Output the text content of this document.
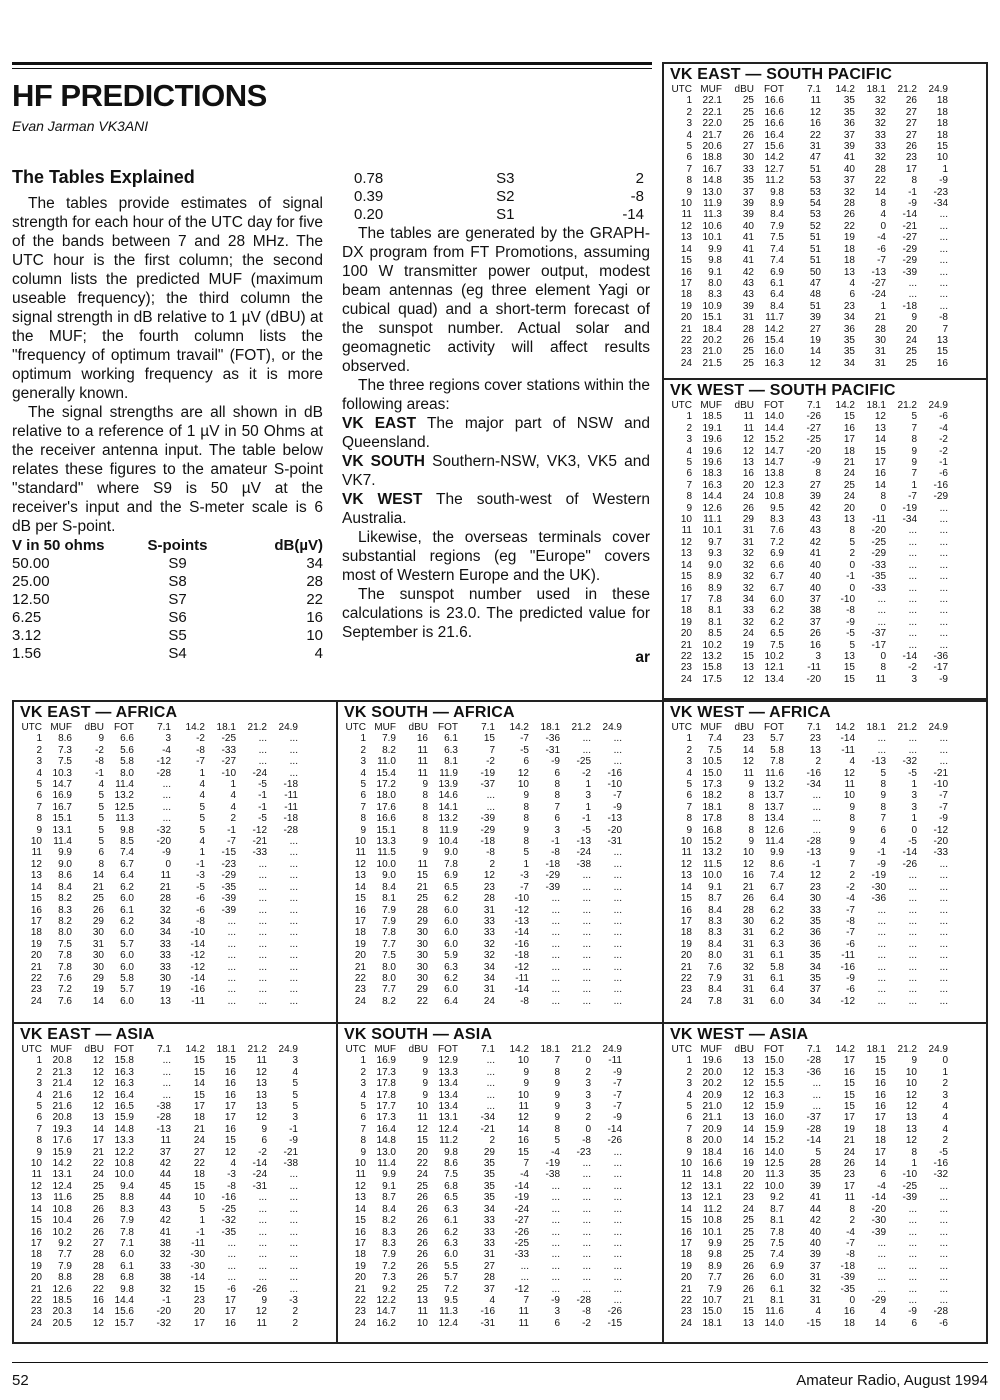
HF PREDICTIONS
Evan Jarman VK3ANI
The Tables Explained

The tables provide estimates of signal strength for each hour of the UTC day for five of the bands between 7 and 28 MHz. The UTC hour is the first column; the second column lists the predicted MUF (maximum useable frequency); the third column the signal strength in dB relative to 1 µV (dBU) at the MUF; the fourth column lists the "frequency of optimum travail" (FOT), or the optimum working frequency as it is more generally known.

The signal strengths are all shown in dB relative to a reference of 1 µV in 50 Ohms at the receiver antenna input. The table below relates these figures to the amateur S-point "standard" where S9 is 50 µV at the receiver's input and the S-meter scale is 6 dB per S-point.

V in 50 ohms	S-points	dB(µV)
50.00	S9	34
25.00	S8	28
12.50	S7	22
6.25	S6	16
3.12	S5	10
1.56	S4	4
0.78	S3	2
0.39	S2	-8
0.20	S1	-14

The tables are generated by the GRAPH-DX program from FT Promotions, assuming 100 W transmitter power output, modest beam antennas (eg three element Yagi or cubical quad) and a short-term forecast of the sunspot number. Actual solar and geomagnetic activity will affect results observed.

The three regions cover stations within the following areas:

VK EAST The major part of NSW and Queensland.

VK SOUTH Southern-NSW, VK3, VK5 and VK7.

VK WEST The south-west of Western Australia.

Likewise, the overseas terminals cover substantial regions (eg "Europe" covers most of Western Europe and the UK).

The sunspot number used in these calculations is 23.0. The predicted value for September is 21.6.

ar
VK EAST — SOUTH PACIFIC
UTC	MUF	dBU	FOT	7.1	14.2	18.1	21.2	24.9
1	22.1	25	16.6	11	35	32	26	18
2	22.1	25	16.6	12	35	32	27	18
3	22.0	25	16.6	16	36	32	27	18
4	21.7	26	16.4	22	37	33	27	18
5	20.6	27	15.6	31	39	33	26	15
6	18.8	30	14.2	47	41	32	23	10
7	16.7	33	12.7	51	40	28	17	1
8	14.8	35	11.2	53	37	22	8	-9
9	13.0	37	9.8	53	32	14	-1	-23
10	11.9	39	8.9	54	28	8	-9	-34
11	11.3	39	8.4	53	26	4	-14	...
12	10.6	40	7.9	52	22	0	-21	...
13	10.1	41	7.5	51	19	-4	-27	...
14	9.9	41	7.4	51	18	-6	-29	...
15	9.8	41	7.4	51	18	-7	-29	...
16	9.1	42	6.9	50	13	-13	-39	...
17	8.0	43	6.1	47	4	-27	...	...
18	8.3	43	6.4	48	6	-24	...	...
19	10.9	39	8.4	51	23	1	-18	...
20	15.1	31	11.7	39	34	21	9	-8
21	18.4	28	14.2	27	36	28	20	7
22	20.2	26	15.4	19	35	30	24	13
23	21.0	25	16.0	14	35	31	25	15
24	21.5	25	16.3	12	34	31	25	16
VK WEST — SOUTH PACIFIC
UTC	MUF	dBU	FOT	7.1	14.2	18.1	21.2	24.9
1	18.5	11	14.0	-26	15	12	5	-6
2	19.1	11	14.4	-27	16	13	7	-4
3	19.6	12	15.2	-25	17	14	8	-2
4	19.6	12	14.7	-20	18	15	9	-2
5	19.6	13	14.7	-9	21	17	9	-1
6	18.3	16	13.8	8	24	16	7	-6
7	16.3	20	12.3	27	25	14	1	-16
8	14.4	24	10.8	39	24	8	-7	-29
9	12.6	26	9.5	42	20	0	-19	...
10	11.1	29	8.3	43	13	-11	-34	...
11	10.1	31	7.6	43	8	-20	...	...
12	9.7	31	7.2	42	5	-25	...	...
13	9.3	32	6.9	41	2	-29	...	...
14	9.0	32	6.6	40	0	-33	...	...
15	8.9	32	6.7	40	-1	-35	...	...
16	8.9	32	6.7	40	0	-33	...	...
17	7.8	34	6.0	37	-10	...	...	...
18	8.1	33	6.2	38	-8	...	...	...
19	8.1	32	6.2	37	-9	...	...	...
20	8.5	24	6.5	26	-5	-37	...	...
21	10.2	19	7.5	16	5	-17	...	...
22	13.2	15	10.2	3	13	0	-14	-36
23	15.8	13	12.1	-11	15	8	-2	-17
24	17.5	12	13.4	-20	15	11	3	-9
VK EAST — AFRICA
UTC	MUF	dBU	FOT	7.1	14.2	18.1	21.2	24.9
1	8.6	9	6.6	3	-2	-25	...	...
2	7.3	-2	5.6	-4	-8	-33	...	...
3	7.5	-8	5.8	-12	-7	-27	...	...
4	10.3	-1	8.0	-28	1	-10	-24	...
5	14.7	4	11.4	...	4	1	-5	-18
6	16.9	5	13.2	...	4	4	-1	-11
7	16.7	5	12.5	...	5	4	-1	-11
8	15.1	5	11.3	...	5	2	-5	-18
9	13.1	5	9.8	-32	5	-1	-12	-28
10	11.4	5	8.5	-20	4	-7	-21	...
11	9.9	6	7.4	-9	1	-15	-33	...
12	9.0	8	6.7	0	-1	-23	...	...
13	8.6	14	6.4	11	-3	-29	...	...
14	8.4	21	6.2	21	-5	-35	...	...
15	8.2	25	6.0	28	-6	-39	...	...
16	8.3	26	6.1	32	-6	-39	...	...
17	8.2	29	6.2	34	-8	...	...	...
18	8.0	30	6.0	34	-10	...	...	...
19	7.5	31	5.7	33	-14	...	...	...
20	7.8	30	6.0	33	-12	...	...	...
21	7.8	30	6.0	33	-12	...	...	...
22	7.6	29	5.8	30	-14	...	...	...
23	7.2	19	5.7	19	-16	...	...	...
24	7.6	14	6.0	13	-11	...	...	...
VK SOUTH — AFRICA
UTC	MUF	dBU	FOT	7.1	14.2	18.1	21.2	24.9
1	7.9	16	6.1	15	-7	-36	...	...
2	8.2	11	6.3	7	-5	-31	...	...
3	11.0	11	8.1	-2	6	-9	-25	...
4	15.4	11	11.9	-19	12	6	-2	-16
5	17.2	9	13.9	-37	10	8	1	-10
6	18.0	8	14.6	...	9	8	3	-7
7	17.6	8	14.1	...	8	7	1	-9
8	16.6	8	13.2	-39	8	6	-1	-13
9	15.1	8	11.9	-29	9	3	-5	-20
10	13.3	9	10.4	-18	8	-1	-13	-31
11	11.5	9	9.0	-8	5	-8	-24	...
12	10.0	11	7.8	2	1	-18	-38	...
13	9.0	15	6.9	12	-3	-29	...	...
14	8.4	21	6.5	23	-7	-39	...	...
15	8.1	25	6.2	28	-10	...	...	...
16	7.9	28	6.0	31	-12	...	...	...
17	7.9	29	6.0	33	-13	...	...	...
18	7.8	30	6.0	33	-14	...	...	...
19	7.7	30	6.0	32	-16	...	...	...
20	7.5	30	5.9	32	-18	...	...	...
21	8.0	30	6.3	34	-12	...	...	...
22	8.0	30	6.2	34	-11	...	...	...
23	7.7	29	6.0	31	-14	...	...	...
24	8.2	22	6.4	24	-8	...	...	...
VK WEST — AFRICA
UTC	MUF	dBU	FOT	7.1	14.2	18.1	21.2	24.9
1	7.4	23	5.7	23	-14	...	...	...
2	7.5	14	5.8	13	-11	...	...	...
3	10.5	12	7.8	2	4	-13	-32	...
4	15.0	11	11.6	-16	12	5	-5	-21
5	17.3	9	13.2	-34	11	8	1	-10
6	18.2	8	13.7	...	10	9	3	-7
7	18.1	8	13.7	...	9	8	3	-7
8	17.8	8	13.4	...	8	7	1	-9
9	16.8	8	12.6	...	9	6	0	-12
10	15.2	9	11.4	-28	9	4	-5	-20
11	13.2	10	9.9	-13	9	-1	-14	-33
12	11.5	12	8.6	-1	7	-9	-26	...
13	10.0	16	7.4	12	2	-19	...	...
14	9.1	21	6.7	23	-2	-30	...	...
15	8.7	26	6.4	30	-4	-36	...	...
16	8.4	28	6.2	33	-7	...	...	...
17	8.3	30	6.2	35	-8	...	...	...
18	8.3	31	6.2	36	-7	...	...	...
19	8.4	31	6.3	36	-6	...	...	...
20	8.0	31	6.1	35	-11	...	...	...
21	7.6	32	5.8	34	-16	...	...	...
22	7.9	31	6.1	35	-9	...	...	...
23	8.4	31	6.4	37	-6	...	...	...
24	7.8	31	6.0	34	-12	...	...	...
VK EAST — ASIA
UTC	MUF	dBU	FOT	7.1	14.2	18.1	21.2	24.9
1	20.8	12	15.8	...	15	15	11	3
2	21.3	12	16.3	...	15	16	12	4
3	21.4	12	16.3	...	14	16	13	5
4	21.6	12	16.4	...	15	16	13	5
5	21.6	12	16.5	-38	17	17	13	5
6	20.8	13	15.9	-28	18	17	12	3
7	19.3	14	14.8	-13	21	16	9	-1
8	17.6	17	13.3	11	24	15	6	-9
9	15.9	21	12.2	37	27	12	-2	-21
10	14.2	22	10.8	42	22	4	-14	-38
11	13.1	24	10.0	44	18	-3	-24	...
12	12.4	25	9.4	45	15	-8	-31	...
13	11.6	25	8.8	44	10	-16	...	...
14	10.8	26	8.3	43	5	-25	...	...
15	10.4	26	7.9	42	1	-32	...	...
16	10.2	26	7.8	41	-1	-35	...	...
17	9.2	27	7.1	38	-11	...	...	...
18	7.7	28	6.0	32	-30	...	...	...
19	7.9	28	6.1	33	-30	...	...	...
20	8.8	28	6.8	38	-14	...	...	...
21	12.6	22	9.8	32	15	-6	-26	...
22	18.5	16	14.4	-1	23	17	9	-3
23	20.3	14	15.6	-20	20	17	12	2
24	20.5	12	15.7	-32	17	16	11	2
VK SOUTH — ASIA
UTC	MUF	dBU	FOT	7.1	14.2	18.1	21.2	24.9
1	16.9	9	12.9	...	10	7	0	-11
2	17.3	9	13.3	...	9	8	2	-9
3	17.8	9	13.4	...	9	9	3	-7
4	17.8	9	13.4	...	10	9	3	-7
5	17.7	10	13.4	...	11	9	3	-7
6	17.3	11	13.1	-34	12	9	2	-9
7	16.4	12	12.4	-21	14	8	0	-14
8	14.8	15	11.2	2	16	5	-8	-26
9	13.0	20	9.8	29	15	-4	-23	...
10	11.4	22	8.6	35	7	-19	...	...
11	9.9	24	7.5	35	-4	-38	...	...
12	9.1	25	6.8	35	-14	...	...	...
13	8.7	26	6.5	35	-19	...	...	...
14	8.4	26	6.3	34	-24	...	...	...
15	8.2	26	6.1	33	-27	...	...	...
16	8.3	26	6.2	33	-26	...	...	...
17	8.3	26	6.3	33	-25	...	...	...
18	7.9	26	6.0	31	-33	...	...	...
19	7.2	26	5.5	27	...	...	...	...
20	7.3	26	5.7	28	...	...	...	...
21	9.2	25	7.2	37	-12	...	...	...
22	12.2	13	9.5	4	7	-9	-28	...
23	14.7	11	11.3	-16	11	3	-8	-26
24	16.2	10	12.4	-31	11	6	-2	-15
VK WEST — ASIA
UTC	MUF	dBU	FOT	7.1	14.2	18.1	21.2	24.9
1	19.6	13	15.0	-28	17	15	9	0
2	20.0	12	15.3	-36	16	15	10	1
3	20.2	12	15.5	...	15	16	10	2
4	20.9	12	16.3	...	15	16	12	3
5	21.0	12	15.9	...	15	16	12	4
6	21.1	13	16.0	-37	17	17	13	4
7	20.9	14	15.9	-28	19	18	13	4
8	20.0	14	15.2	-14	21	18	12	2
9	18.4	16	14.0	5	24	17	8	-5
10	16.6	19	12.5	28	26	14	1	-16
11	14.8	20	11.3	35	23	6	-10	-32
12	13.1	22	10.0	39	17	-4	-25	...
13	12.1	23	9.2	41	11	-14	-39	...
14	11.2	24	8.7	44	8	-20	...	...
15	10.8	25	8.1	42	2	-30	...	...
16	10.1	25	7.8	40	-4	-39	...	...
17	9.9	25	7.5	40	-7	...	...	...
18	9.8	25	7.4	39	-8	...	...	...
19	8.9	26	6.9	37	-18	...	...	...
20	7.7	26	6.0	31	-39	...	...	...
21	7.9	26	6.1	32	-35	...	...	...
22	10.7	21	8.1	31	0	-29	...	...
23	15.0	15	11.6	4	16	4	-9	-28
24	18.1	13	14.0	-15	18	14	6	-6
52	Amateur Radio, August 1994
